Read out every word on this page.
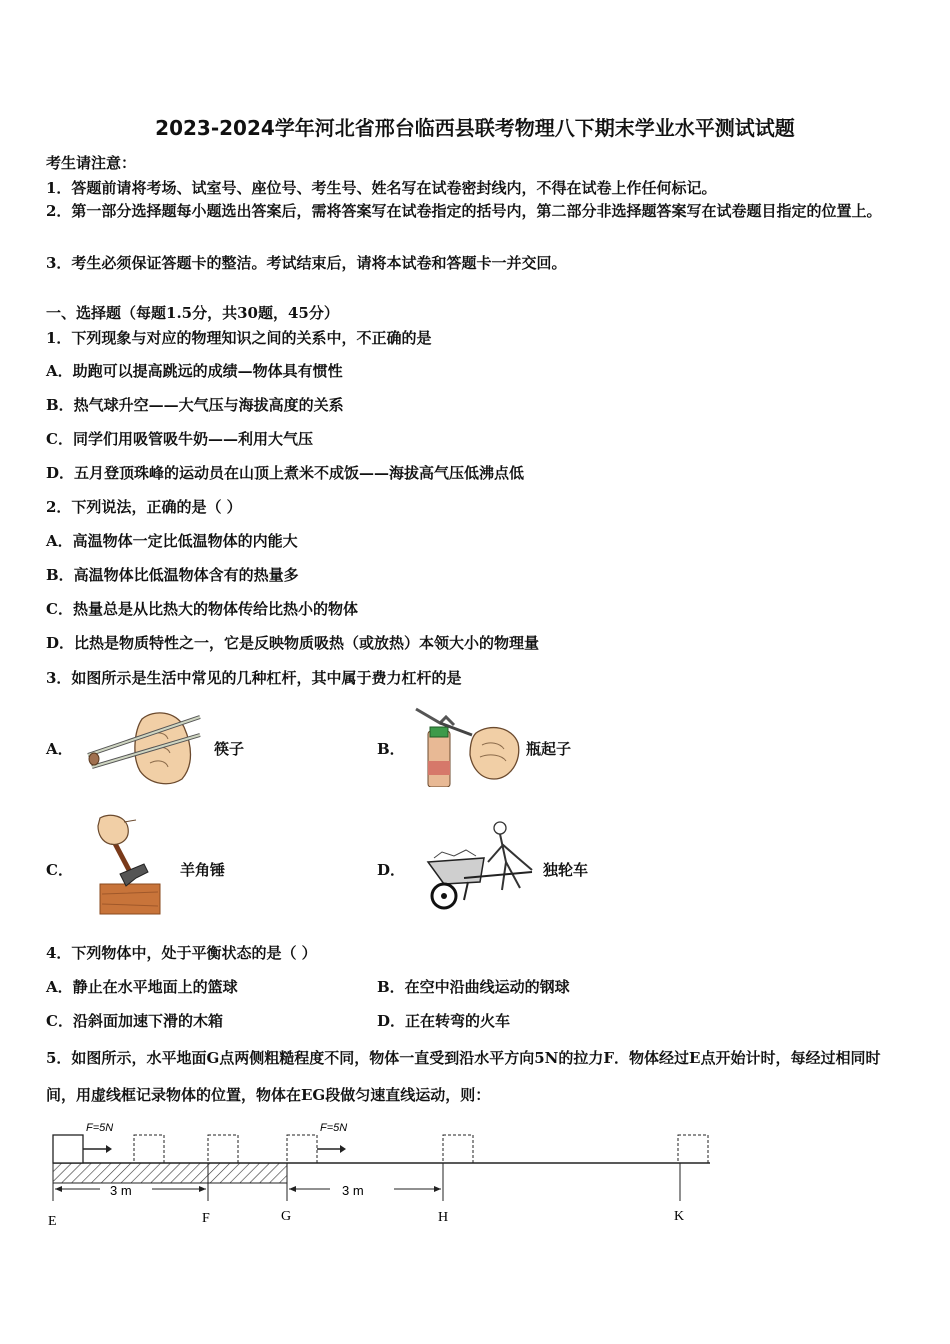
2023-2024学年河北省邢台临西县联考物理八下期末学业水平测试试题
考生请注意：
1．答题前请将考场、试室号、座位号、考生号、姓名写在试卷密封线内，不得在试卷上作任何标记。
2．第一部分选择题每小题选出答案后，需将答案写在试卷指定的括号内，第二部分非选择题答案写在试卷题目指定的位置上。
3．考生必须保证答题卡的整洁。考试结束后，请将本试卷和答题卡一并交回。
一、选择题（每题1.5分，共30题，45分）
1．下列现象与对应的物理知识之间的关系中，不正确的是
A．助跑可以提高跳远的成绩—物体具有惯性
B．热气球升空——大气压与海拔高度的关系
C．同学们用吸管吸牛奶——利用大气压
D．五月登顶珠峰的运动员在山顶上煮米不成饭——海拔高气压低沸点低
2．下列说法，正确的是（ ）
A．高温物体一定比低温物体的内能大
B．高温物体比低温物体含有的热量多
C．热量总是从比热大的物体传给比热小的物体
D．比热是物质特性之一，它是反映物质吸热（或放热）本领大小的物理量
3．如图所示是生活中常见的几种杠杆，其中属于费力杠杆的是
A．	筷子	B．	瓶起子
C．	羊角锤	D．	独轮车
4．下列物体中，处于平衡状态的是（ ）
A．静止在水平地面上的篮球	B．在空中沿曲线运动的钢球
C．沿斜面加速下滑的木箱	D．正在转弯的火车
5．如图所示，水平地面G点两侧粗糙程度不同，物体一直受到沿水平方向5N的拉力F．物体经过E点开始计时，每经过相同时间，用虚线框记录物体的位置，物体在EG段做匀速直线运动，则：
F=5N	F=5N
3 m	3 m
E	F	G	H	K
